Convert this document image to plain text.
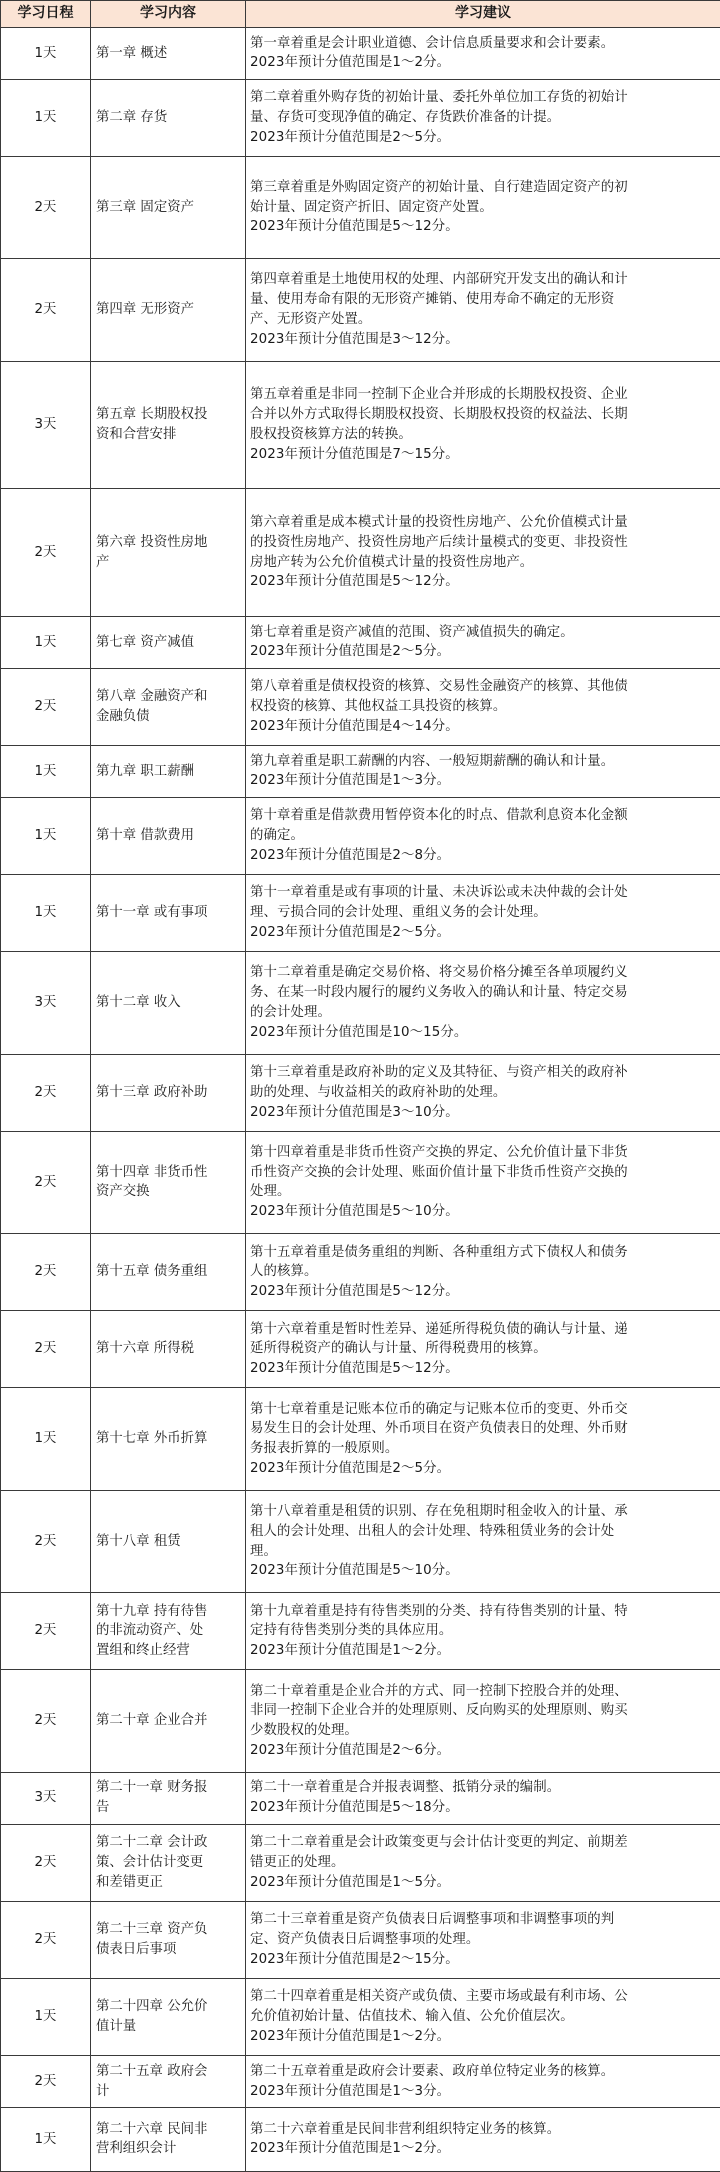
学习日程	学习内容	学习建议
1天	第一章 概述	第一章着重是会计职业道德、会计信息质量要求和会计要素。
2023年预计分值范围是1～2分。

1天	第二章 存货	第二章着重外购存货的初始计量、委托外单位加工存货的初始计
量、存货可变现净值的确定、存货跌价准备的计提。
2023年预计分值范围是2～5分。

2天	第三章 固定资产	第三章着重是外购固定资产的初始计量、自行建造固定资产的初
始计量、固定资产折旧、固定资产处置。
2023年预计分值范围是5～12分。

2天	第四章 无形资产	第四章着重是土地使用权的处理、内部研究开发支出的确认和计
量、使用寿命有限的无形资产摊销、使用寿命不确定的无形资
产、无形资产处置。
2023年预计分值范围是3～12分。

3天	第五章 长期股权投
资和合营安排	第五章着重是非同一控制下企业合并形成的长期股权投资、企业
合并以外方式取得长期股权投资、长期股权投资的权益法、长期
股权投资核算方法的转换。
2023年预计分值范围是7～15分。

2天	第六章 投资性房地
产	第六章着重是成本模式计量的投资性房地产、公允价值模式计量
的投资性房地产、投资性房地产后续计量模式的变更、非投资性
房地产转为公允价值模式计量的投资性房地产。
2023年预计分值范围是5～12分。

1天	第七章 资产减值	第七章着重是资产减值的范围、资产减值损失的确定。
2023年预计分值范围是2～5分。

2天	第八章 金融资产和
金融负债	第八章着重是债权投资的核算、交易性金融资产的核算、其他债
权投资的核算、其他权益工具投资的核算。
2023年预计分值范围是4～14分。

1天	第九章 职工薪酬	第九章着重是职工薪酬的内容、一般短期薪酬的确认和计量。
2023年预计分值范围是1～3分。

1天	第十章 借款费用	第十章着重是借款费用暂停资本化的时点、借款利息资本化金额
的确定。
2023年预计分值范围是2～8分。

1天	第十一章 或有事项	第十一章着重是或有事项的计量、未决诉讼或未决仲裁的会计处
理、亏损合同的会计处理、重组义务的会计处理。
2023年预计分值范围是2～5分。

3天	第十二章 收入	第十二章着重是确定交易价格、将交易价格分摊至各单项履约义
务、在某一时段内履行的履约义务收入的确认和计量、特定交易
的会计处理。
2023年预计分值范围是10～15分。

2天	第十三章 政府补助	第十三章着重是政府补助的定义及其特征、与资产相关的政府补
助的处理、与收益相关的政府补助的处理。
2023年预计分值范围是3～10分。

2天	第十四章 非货币性
资产交换	第十四章着重是非货币性资产交换的界定、公允价值计量下非货
币性资产交换的会计处理、账面价值计量下非货币性资产交换的
处理。
2023年预计分值范围是5～10分。

2天	第十五章 债务重组	第十五章着重是债务重组的判断、各种重组方式下债权人和债务
人的核算。
2023年预计分值范围是5～12分。

2天	第十六章 所得税	第十六章着重是暂时性差异、递延所得税负债的确认与计量、递
延所得税资产的确认与计量、所得税费用的核算。
2023年预计分值范围是5～12分。

1天	第十七章 外币折算	第十七章着重是记账本位币的确定与记账本位币的变更、外币交
易发生日的会计处理、外币项目在资产负债表日的处理、外币财
务报表折算的一般原则。
2023年预计分值范围是2～5分。

2天	第十八章 租赁	第十八章着重是租赁的识别、存在免租期时租金收入的计量、承
租人的会计处理、出租人的会计处理、特殊租赁业务的会计处
理。
2023年预计分值范围是5～10分。

2天	第十九章 持有待售
的非流动资产、处
置组和终止经营	第十九章着重是持有待售类别的分类、持有待售类别的计量、特
定持有待售类别分类的具体应用。
2023年预计分值范围是1～2分。

2天	第二十章 企业合并	第二十章着重是企业合并的方式、同一控制下控股合并的处理、
非同一控制下企业合并的处理原则、反向购买的处理原则、购买
少数股权的处理。
2023年预计分值范围是2～6分。

3天	第二十一章 财务报
告	第二十一章着重是合并报表调整、抵销分录的编制。
2023年预计分值范围是5～18分。

2天	第二十二章 会计政
策、会计估计变更
和差错更正	第二十二章着重是会计政策变更与会计估计变更的判定、前期差
错更正的处理。
2023年预计分值范围是1～5分。

2天	第二十三章 资产负
债表日后事项	第二十三章着重是资产负债表日后调整事项和非调整事项的判
定、资产负债表日后调整事项的处理。
2023年预计分值范围是2～15分。

1天	第二十四章 公允价
值计量	第二十四章着重是相关资产或负债、主要市场或最有利市场、公
允价值初始计量、估值技术、输入值、公允价值层次。
2023年预计分值范围是1～2分。

2天	第二十五章 政府会
计	第二十五章着重是政府会计要素、政府单位特定业务的核算。
2023年预计分值范围是1～3分。

1天	第二十六章 民间非
营利组织会计	第二十六章着重是民间非营利组织特定业务的核算。
2023年预计分值范围是1～2分。
